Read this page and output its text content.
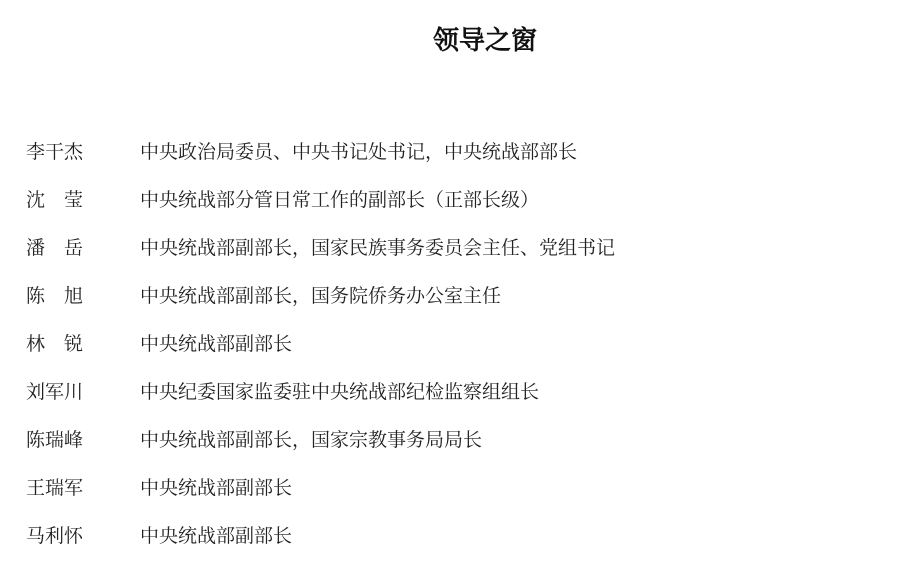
领导之窗
李干杰	中央政治局委员、中央书记处书记，中央统战部部长
沈　莹	中央统战部分管日常工作的副部长（正部长级）
潘　岳	中央统战部副部长，国家民族事务委员会主任、党组书记
陈　旭	中央统战部副部长，国务院侨务办公室主任
林　锐	中央统战部副部长
刘军川	中央纪委国家监委驻中央统战部纪检监察组组长
陈瑞峰	中央统战部副部长，国家宗教事务局局长
王瑞军	中央统战部副部长
马利怀	中央统战部副部长
